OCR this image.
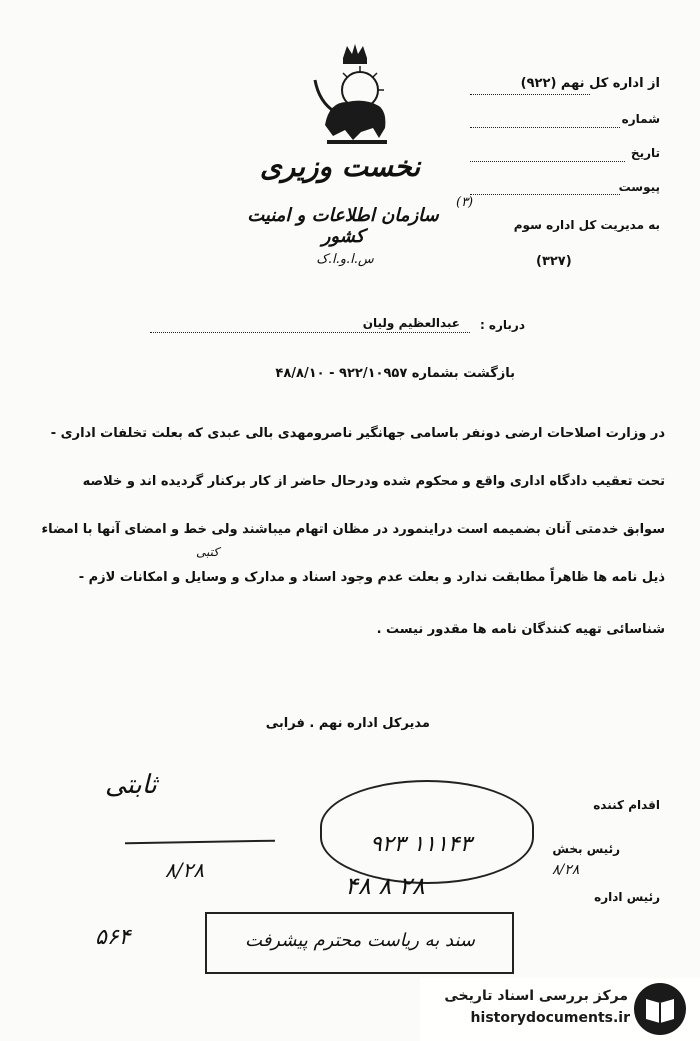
نخست وزیری
سازمان اطلاعات و امنیت کشور
(۳)
س.ا.و.ا.ک
از اداره کل نهم (۹۲۲)
شماره
تاریخ
پیوست
به مدیریت کل اداره سوم
(۳۲۷)
درباره :
عبدالعظیم ولیان
بازگشت بشماره ۹۲۲/۱۰۹۵۷ - ۴۸/۸/۱۰
در وزارت اصلاحات ارضی دونفر باسامی جهانگیر ناصرومهدی بالی عبدی که بعلت تخلفات اداری -
تحت تعقیب دادگاه اداری واقع و محکوم شده ودرحال حاضر از کار برکنار گردیده اند و خلاصه
سوابق خدمتی آنان بضمیمه است دراینمورد در مظان اتهام میباشند ولی خط و امضای آنها با امضاء
کتبی
ذیل نامه ها ظاهراً مطابقت ندارد و بعلت عدم وجود اسناد و مدارک و وسایل و امکانات لازم -
شناسائی تهیه کنندگان نامه ها مقدور نیست .
مدیرکل اداره نهم . فرابی
ثابتی
۸/۲۸
۵۶۴
۹۲۳ ۱۱۱۴۳
۴۸ ۸ ۲۸
سند به ریاست محترم پیشرفت
اقدام کننده
رئیس بخش
۸/۲۸
رئیس اداره
مرکز بررسی اسناد تاریخی
historydocuments.ir
